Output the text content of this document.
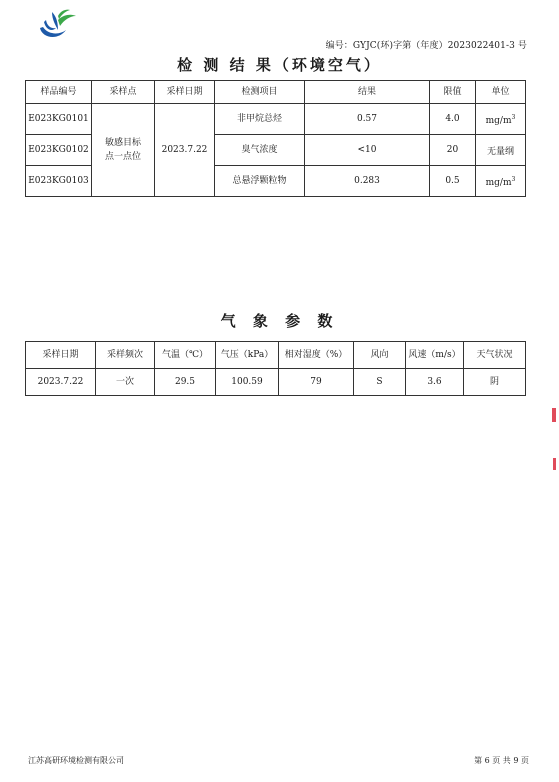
编号：GYJC(环)字第（年度）2023022401-3 号
检 测 结 果（环境空气）
样品编号	采样点	采样日期	检测项目	结果	限值	单位
E023KG0101	敏感目标点一点位	2023.7.22	非甲烷总烃	0.57	4.0	$mg/m^3$
E023KG0102			臭气浓度	<10	20	无量纲
E023KG0103			总悬浮颗粒物	0.283	0.5	$mg/m^3$
气 象 参 数
采样日期	采样频次	气温（℃）	气压（kPa）	相对湿度（%）	风向	风速（m/s）	天气状况
2023.7.22	一次	29.5	100.59	79	S	3.6	阴
江苏高研环境检测有限公司	第 6 页 共 9 页
